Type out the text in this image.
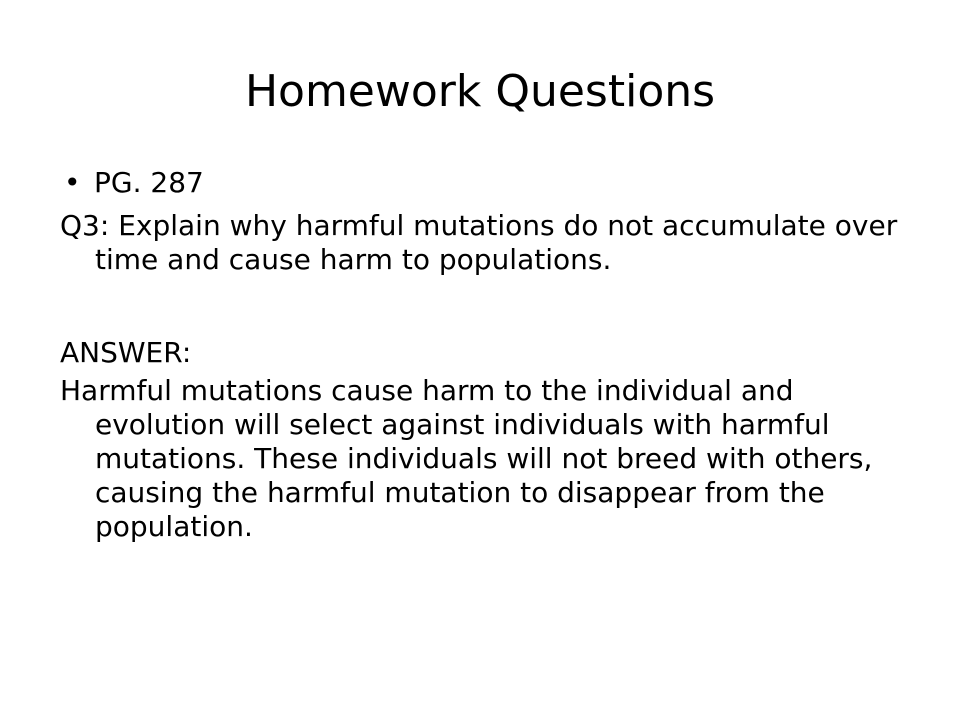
Homework Questions
• PG. 287

Q3: Explain why harmful mutations do not accumulate over time and cause harm to populations.

ANSWER:

Harmful mutations cause harm to the individual and evolution will select against individuals with harmful mutations. These individuals will not breed with others, causing the harmful mutation to disappear from the population.
